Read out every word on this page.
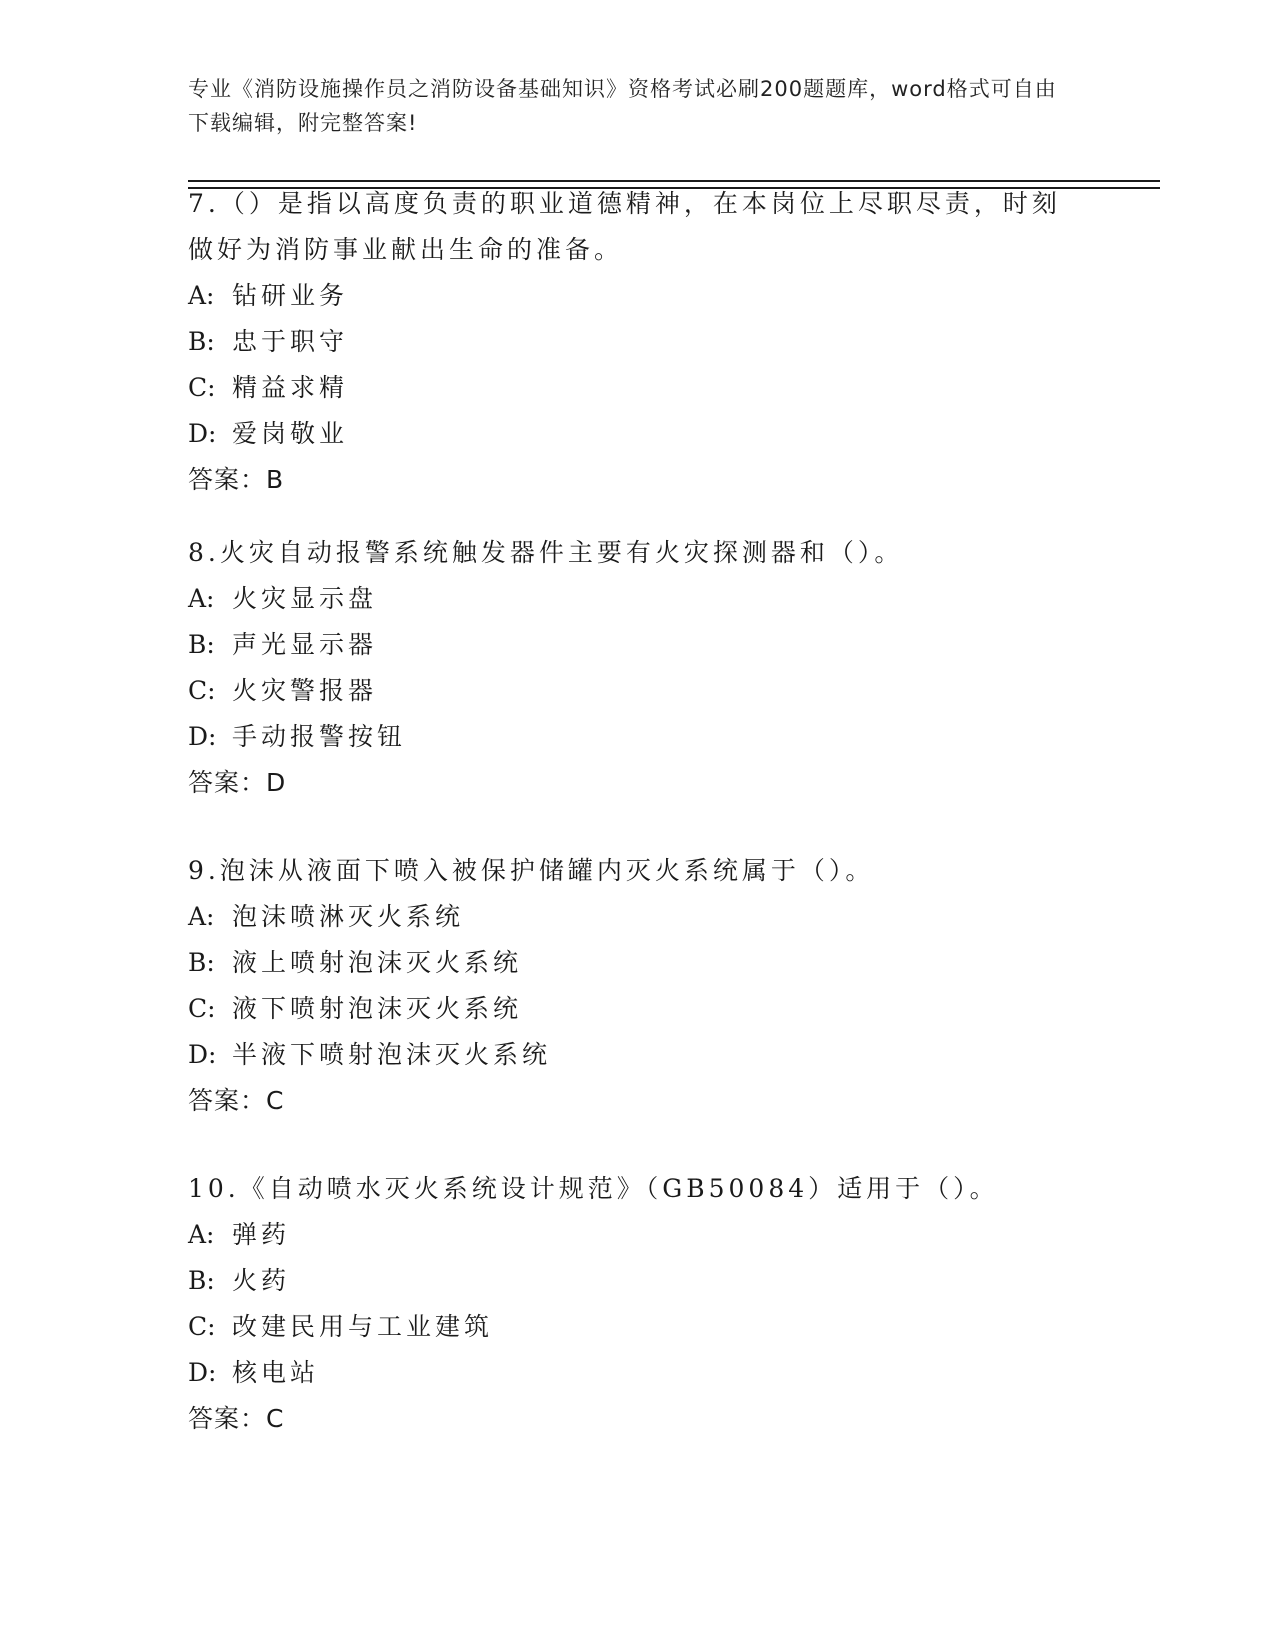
专业《消防设施操作员之消防设备基础知识》资格考试必刷200题题库，word格式可自由下载编辑，附完整答案!

7.（）是指以高度负责的职业道德精神，在本岗位上尽职尽责，时刻做好为消防事业献出生命的准备。

A: 钻研业务
B: 忠于职守
C: 精益求精
D: 爱岗敬业
答案：B

8.火灾自动报警系统触发器件主要有火灾探测器和（）。

A: 火灾显示盘
B: 声光显示器
C: 火灾警报器
D: 手动报警按钮
答案：D

9.泡沫从液面下喷入被保护储罐内灭火系统属于（）。

A: 泡沫喷淋灭火系统
B: 液上喷射泡沫灭火系统
C: 液下喷射泡沫灭火系统
D: 半液下喷射泡沫灭火系统
答案：C

10.《自动喷水灭火系统设计规范》（GB50084）适用于（）。

A: 弹药
B: 火药
C: 改建民用与工业建筑
D: 核电站
答案：C
